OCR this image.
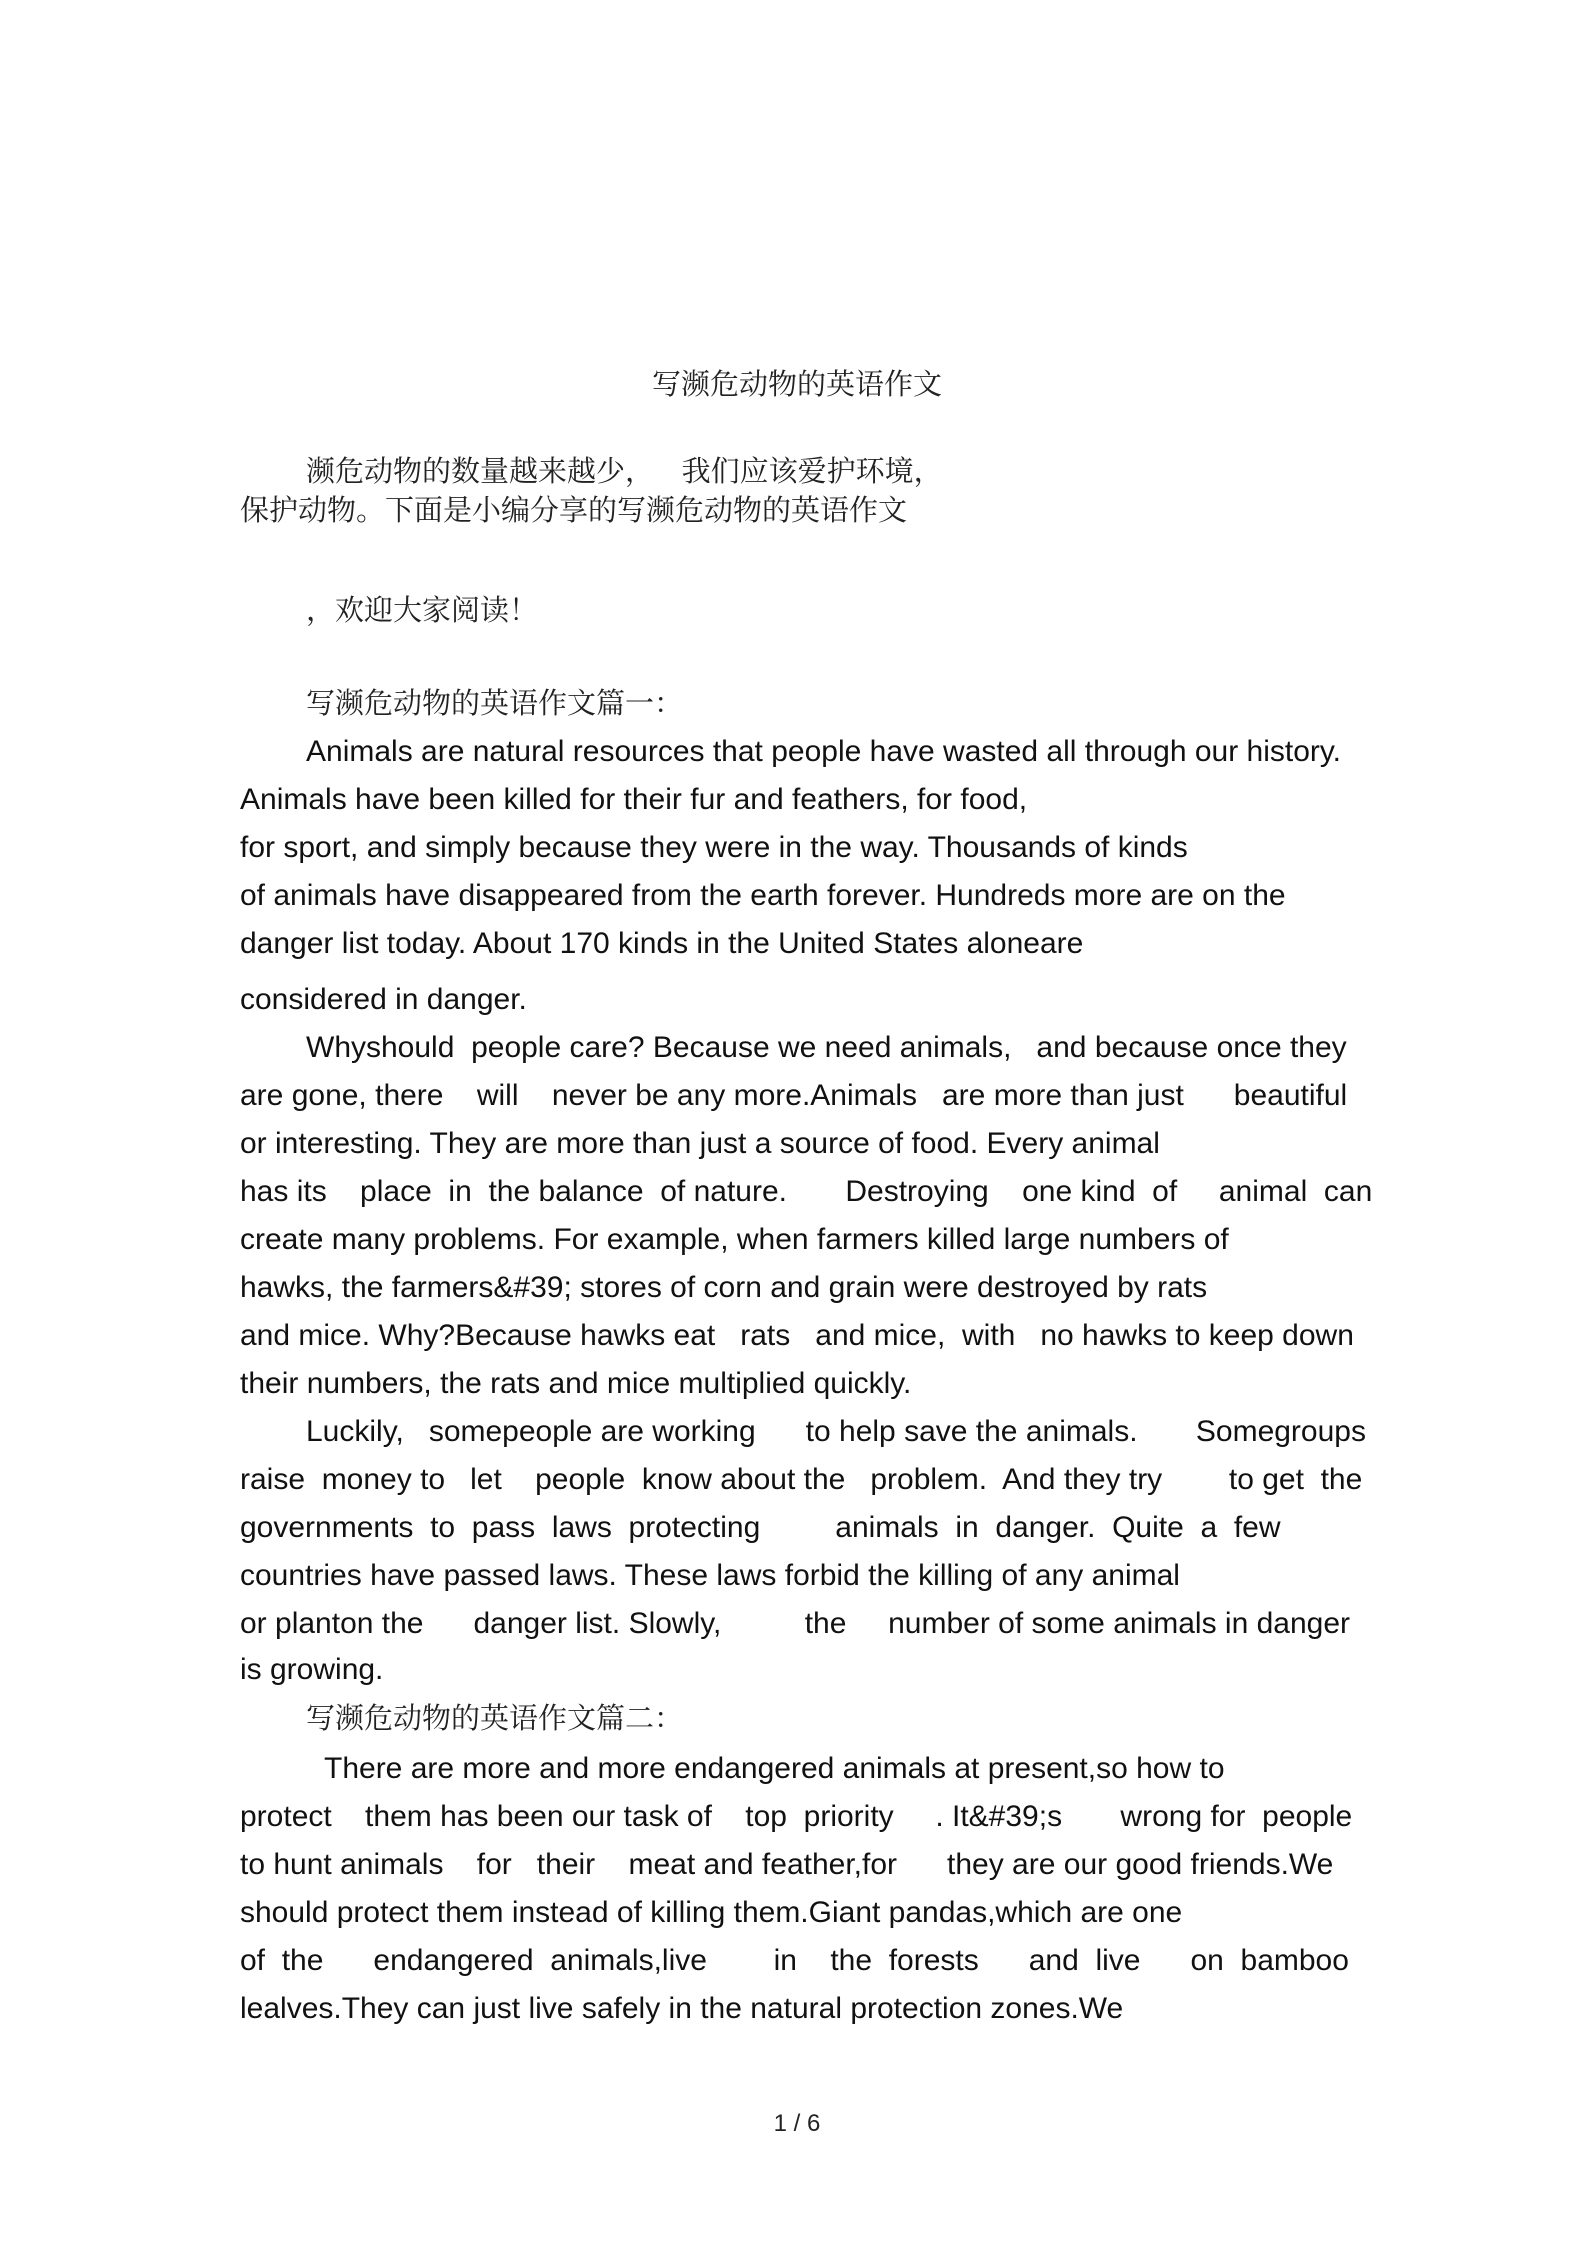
写濒危动物的英语作文
濒危动物的数量越来越少，   我们应该爱护环境，
保护动物。下面是小编分享的写濒危动物的英语作文
，欢迎大家阅读！
写濒危动物的英语作文篇一：
Animals are natural resources that people have wasted all through our history.
Animals have been killed for their fur and feathers, for food,
for sport, and simply because they were in the way. Thousands of kinds
of animals have disappeared from the earth forever. Hundreds more are on the
danger list today. About 170 kinds in the United States aloneare
considered in danger.
Whyshould  people care? Because we need animals,   and because once they
are gone, there    will    never be any more.Animals   are more than just      beautiful
or interesting. They are more than just a source of food. Every animal
has its    place  in  the balance  of nature.       Destroying    one kind  of     animal  can
create many problems. For example, when farmers killed large numbers of
hawks, the farmers&#39; stores of corn and grain were destroyed by rats
and mice. Why?Because hawks eat   rats   and mice,  with   no hawks to keep down
their numbers, the rats and mice multiplied quickly.
Luckily,   somepeople are working      to help save the animals.       Somegroups
raise  money to   let    people  know about the   problem.  And they try        to get  the
governments  to  pass  laws  protecting         animals  in  danger.  Quite  a  few
countries have passed laws. These laws forbid the killing of any animal
or planton the      danger list. Slowly,          the     number of some animals in danger
is growing.
写濒危动物的英语作文篇二：
There are more and more endangered animals at present,so how to
protect    them has been our task of    top  priority     . It&#39;s       wrong for  people
to hunt animals    for   their    meat and feather,for      they are our good friends.We
should protect them instead of killing them.Giant pandas,which are one
of  the      endangered  animals,live        in    the  forests      and  live      on  bamboo
lealves.They can just live safely in the natural protection zones.We
1 / 6
